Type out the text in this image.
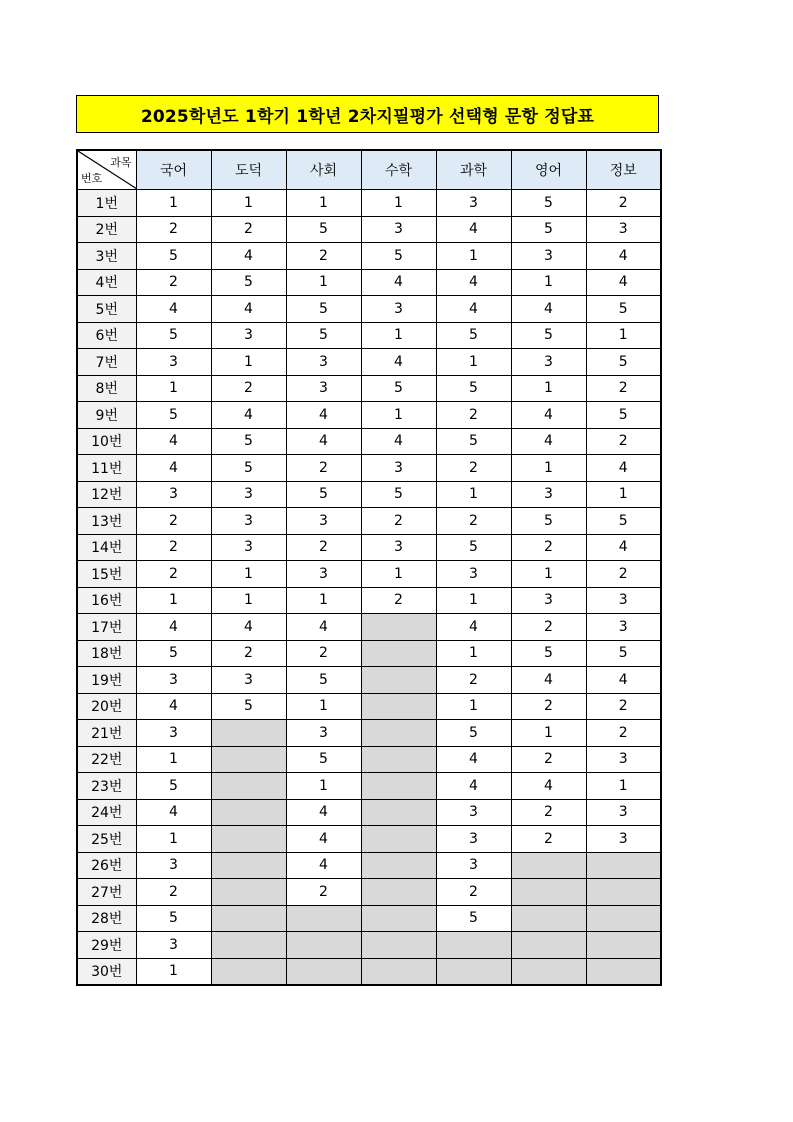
2025학년도 1학기 1학년 2차지필평가 선택형 문항 정답표
과목
번호	국어	도덕	사회	수학	과학	영어	정보
1번	1	1	1	1	3	5	2
2번	2	2	5	3	4	5	3
3번	5	4	2	5	1	3	4
4번	2	5	1	4	4	1	4
5번	4	4	5	3	4	4	5
6번	5	3	5	1	5	5	1
7번	3	1	3	4	1	3	5
8번	1	2	3	5	5	1	2
9번	5	4	4	1	2	4	5
10번	4	5	4	4	5	4	2
11번	4	5	2	3	2	1	4
12번	3	3	5	5	1	3	1
13번	2	3	3	2	2	5	5
14번	2	3	2	3	5	2	4
15번	2	1	3	1	3	1	2
16번	1	1	1	2	1	3	3
17번	4	4	4		4	2	3
18번	5	2	2		1	5	5
19번	3	3	5		2	4	4
20번	4	5	1		1	2	2
21번	3		3		5	1	2
22번	1		5		4	2	3
23번	5		1		4	4	1
24번	4		4		3	2	3
25번	1		4		3	2	3
26번	3		4		3		
27번	2		2		2		
28번	5				5		
29번	3						
30번	1						
